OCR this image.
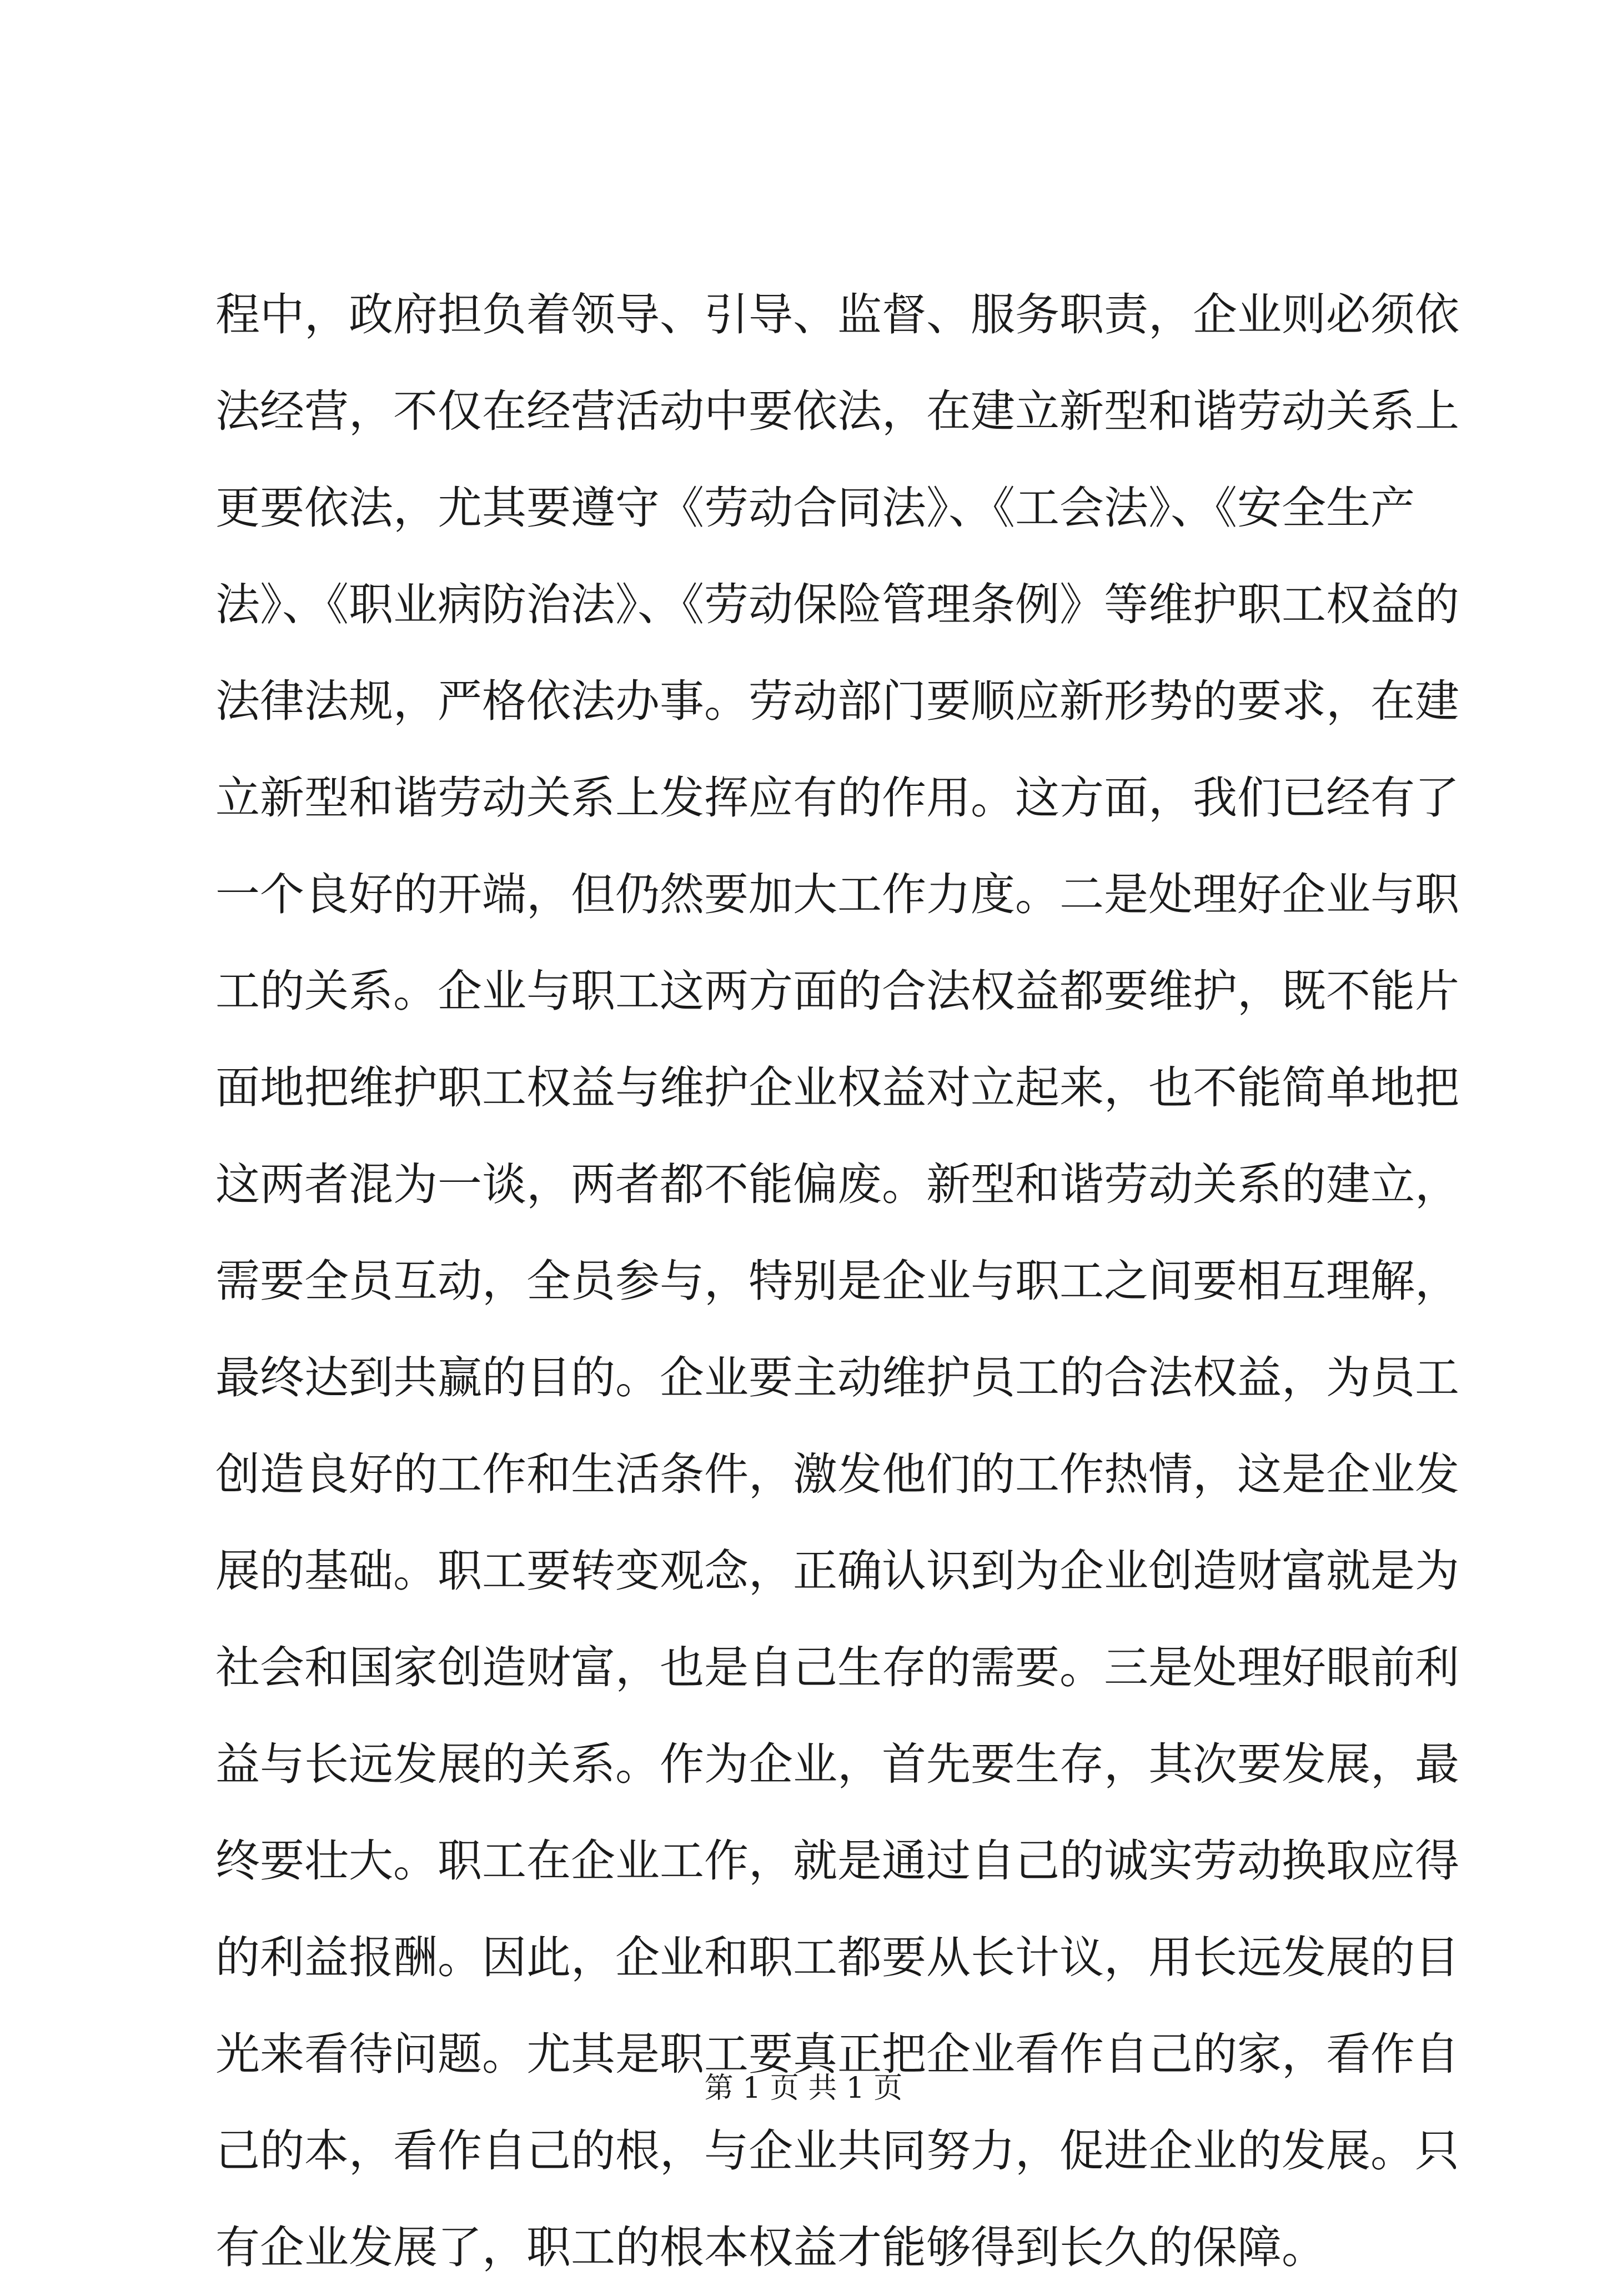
程中，政府担负着领导、引导、监督、服务职责，企业则必须依
法经营，不仅在经营活动中要依法，在建立新型和谐劳动关系上
更要依法，尤其要遵守《劳动合同法》、《工会法》、《安全生产
法》、《职业病防治法》、《劳动保险管理条例》等维护职工权益的
法律法规，严格依法办事。劳动部门要顺应新形势的要求，在建
立新型和谐劳动关系上发挥应有的作用。这方面，我们已经有了
一个良好的开端，但仍然要加大工作力度。二是处理好企业与职
工的关系。企业与职工这两方面的合法权益都要维护，既不能片
面地把维护职工权益与维护企业权益对立起来，也不能简单地把
这两者混为一谈，两者都不能偏废。新型和谐劳动关系的建立，
需要全员互动，全员参与，特别是企业与职工之间要相互理解，
最终达到共赢的目的。企业要主动维护员工的合法权益，为员工
创造良好的工作和生活条件，激发他们的工作热情，这是企业发
展的基础。职工要转变观念，正确认识到为企业创造财富就是为
社会和国家创造财富，也是自己生存的需要。三是处理好眼前利
益与长远发展的关系。作为企业，首先要生存，其次要发展，最
终要壮大。职工在企业工作，就是通过自己的诚实劳动换取应得
的利益报酬。因此，企业和职工都要从长计议，用长远发展的目
光来看待问题。尤其是职工要真正把企业看作自己的家，看作自
己的本，看作自己的根，与企业共同努力，促进企业的发展。只
有企业发展了，职工的根本权益才能够得到长久的保障。
第 1 页 共 1 页
